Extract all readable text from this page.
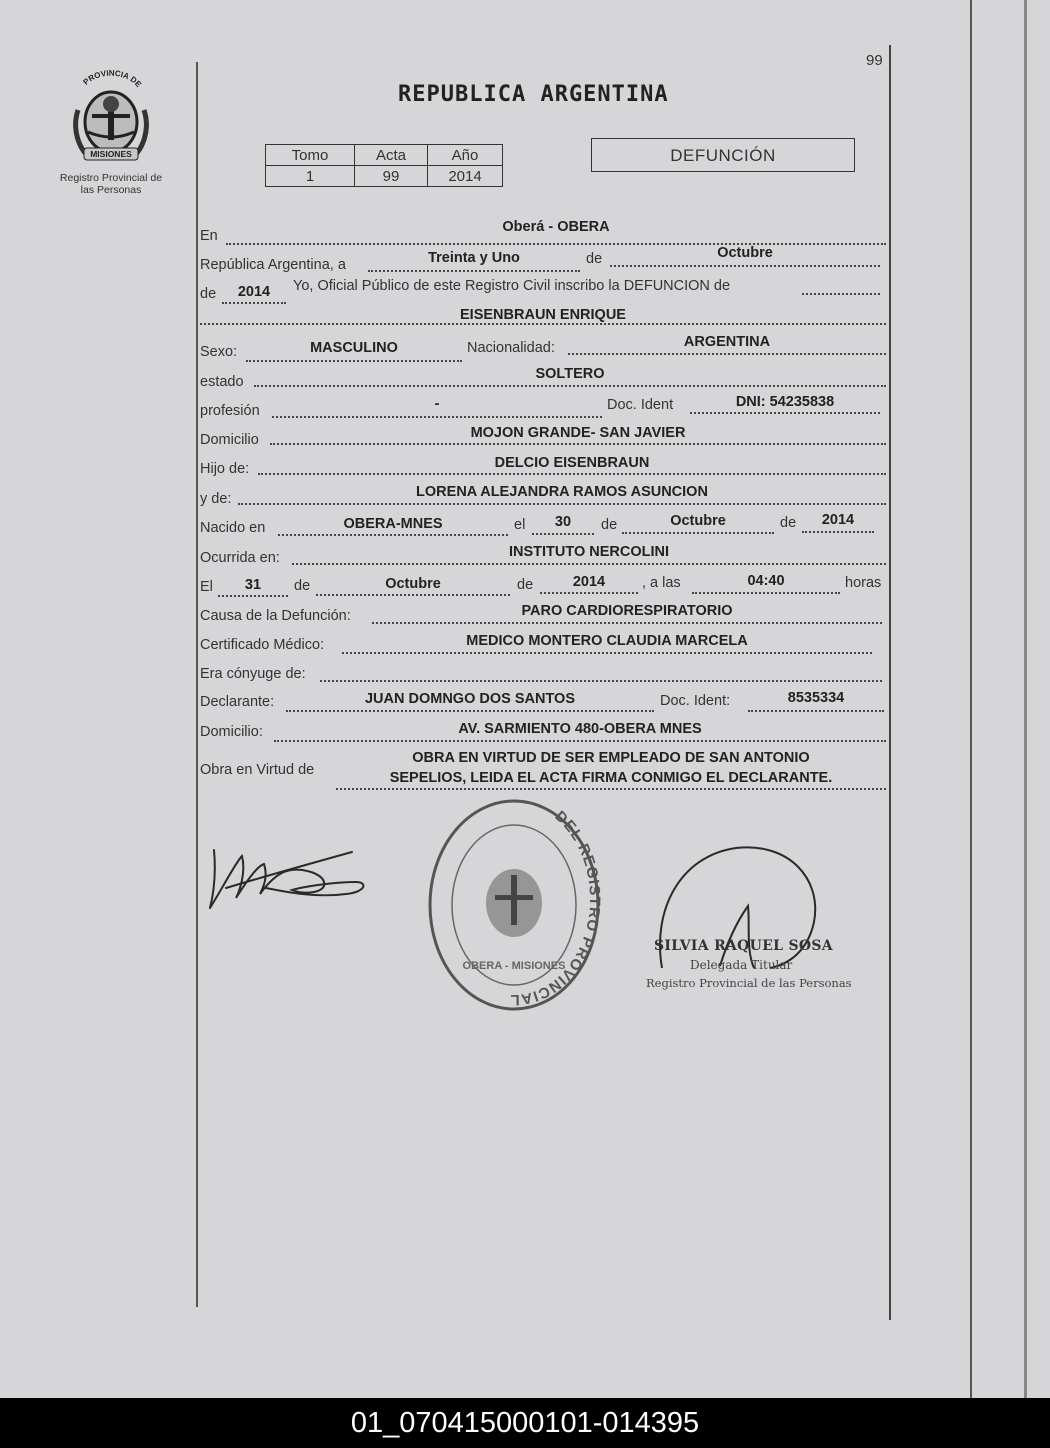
99
PROVINCIA DE
MISIONES
Registro Provincial de las Personas
REPUBLICA ARGENTINA
Tomo	Acta	Año
1	99	2014
DEFUNCIÓN
En
Oberá - OBERA
República Argentina, a	Treinta y Uno	de	Octubre
de	2014	Yo, Oficial Público de este Registro Civil inscribo la DEFUNCION de
EISENBRAUN ENRIQUE
Sexo:	MASCULINO	Nacionalidad:	ARGENTINA
estado	SOLTERO
profesión	-	Doc. Ident	DNI: 54235838
Domicilio	MOJON GRANDE- SAN JAVIER
Hijo de:	DELCIO EISENBRAUN
y de:	LORENA ALEJANDRA RAMOS ASUNCION
Nacido en	OBERA-MNES	el	30	de	Octubre	de	2014
Ocurrida en:	INSTITUTO NERCOLINI
El	31	de	Octubre	de	2014	, a las	04:40	horas
Causa de la Defunción:	PARO CARDIORESPIRATORIO
Certificado Médico:	MEDICO MONTERO CLAUDIA MARCELA
Era cónyuge de:
Declarante:	JUAN DOMNGO DOS SANTOS	Doc. Ident:	8535334
Domicilio:	AV. SARMIENTO 480-OBERA MNES
Obra en Virtud de
OBRA EN VIRTUD DE SER EMPLEADO DE SAN ANTONIO
SEPELIOS, LEIDA EL ACTA FIRMA CONMIGO EL DECLARANTE.
DEL REGISTRO PROVINCIAL
OBERA - MISIONES
SILVIA RAQUEL SOSA
Delegada Titular
Registro Provincial de las Personas
01_070415000101-014395
